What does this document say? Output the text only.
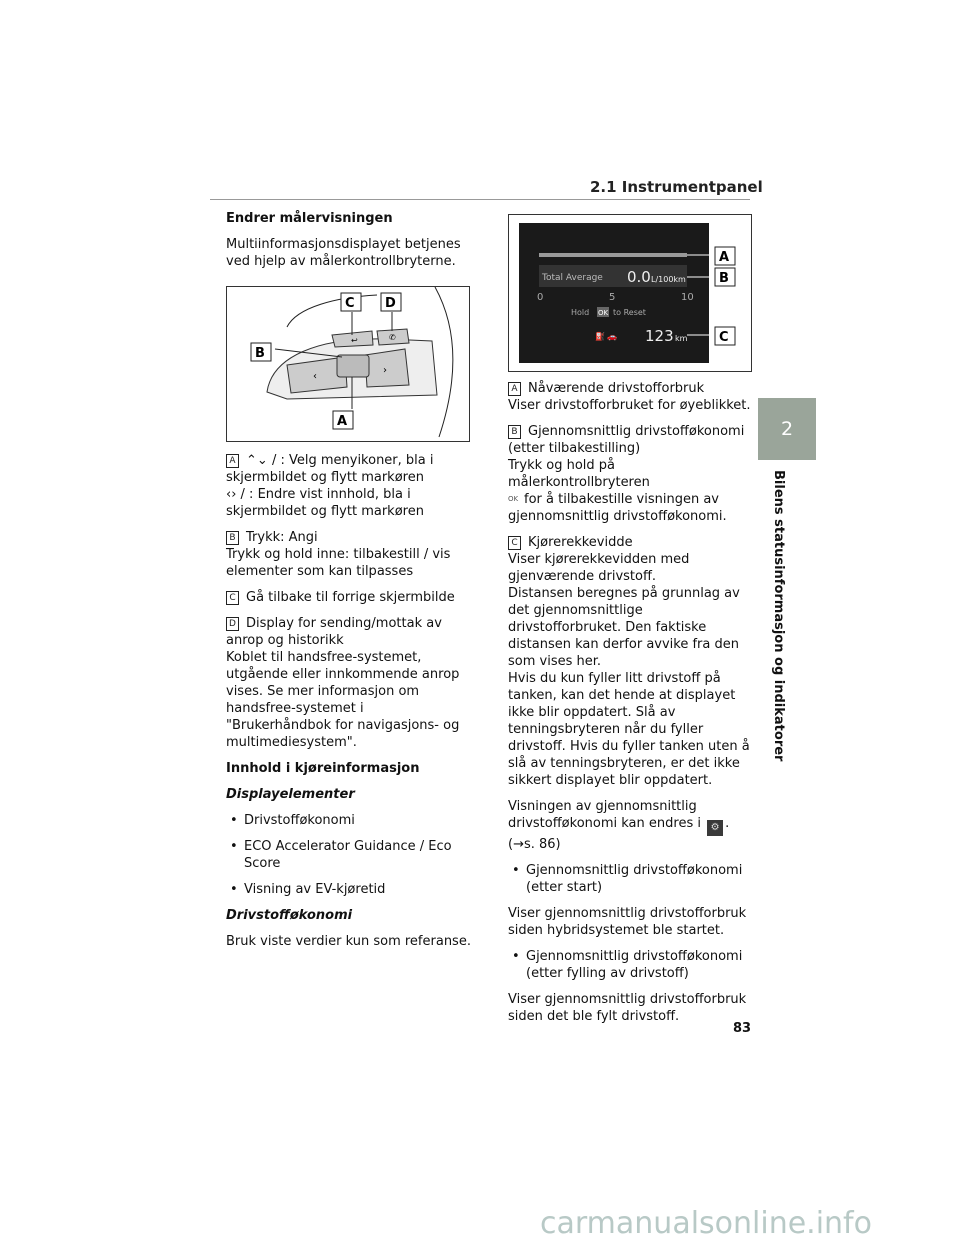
2.1 Instrumentpanel
2
Bilens statusinformasjon og indikatorer

Endrer målervisningen

Multiinformasjonsdisplayet betjenes ved hjelp av målerkontrollbryterne.

‹
›
↩	✆
C D
B
A
A ⌃⌄ / : Velg menyikoner, bla i skjermbildet og flytt markøren
‹› / : Endre vist innhold, bla i skjermbildet og flytt markøren
B Trykk: Angi
Trykk og hold inne: tilbakestill / vis elementer som kan tilpasses
C Gå tilbake til forrige skjermbilde
D Display for sending/mottak av anrop og historikk
Koblet til handsfree-systemet, utgående eller innkommende anrop vises. Se mer informasjon om handsfree-systemet i "Brukerhåndbok for navigasjons- og multimediesystem".

Innhold i kjøreinformasjon

Displayelementer

• Drivstofføkonomi
• ECO Accelerator Guidance / Eco Score
• Visning av EV-kjøretid

Drivstofføkonomi

Bruk viste verdier kun som referanse.

Total Average 0.0 L/100km
0	5	10
Hold OK to Reset
⛽ 🚗 123 km
A
B
C
A Nåværende drivstofforbruk
Viser drivstofforbruket for øyeblikket.
B Gjennomsnittlig drivstofføkonomi (etter tilbakestilling)
Trykk og hold på målerkontrollbryteren
OK for å tilbakestille visningen av gjennomsnittlig drivstofføkonomi.
C Kjørerekkevidde
Viser kjørerekkevidden med gjenværende drivstoff.
Distansen beregnes på grunnlag av det gjennomsnittlige drivstofforbruket. Den faktiske distansen kan derfor avvike fra den som vises her.
Hvis du kun fyller litt drivstoff på tanken, kan det hende at displayet ikke blir oppdatert. Slå av tenningsbryteren når du fyller drivstoff. Hvis du fyller tanken uten å slå av tenningsbryteren, er det ikke sikkert displayet blir oppdatert.

Visningen av gjennomsnittlig drivstofføkonomi kan endres i ⚙ .
(→s. 86)

• Gjennomsnittlig drivstofføkonomi (etter start)

Viser gjennomsnittlig drivstofforbruk siden hybridsystemet ble startet.

• Gjennomsnittlig drivstofføkonomi (etter fylling av drivstoff)

Viser gjennomsnittlig drivstofforbruk siden det ble fylt drivstoff.

83
carmanualsonline.info
